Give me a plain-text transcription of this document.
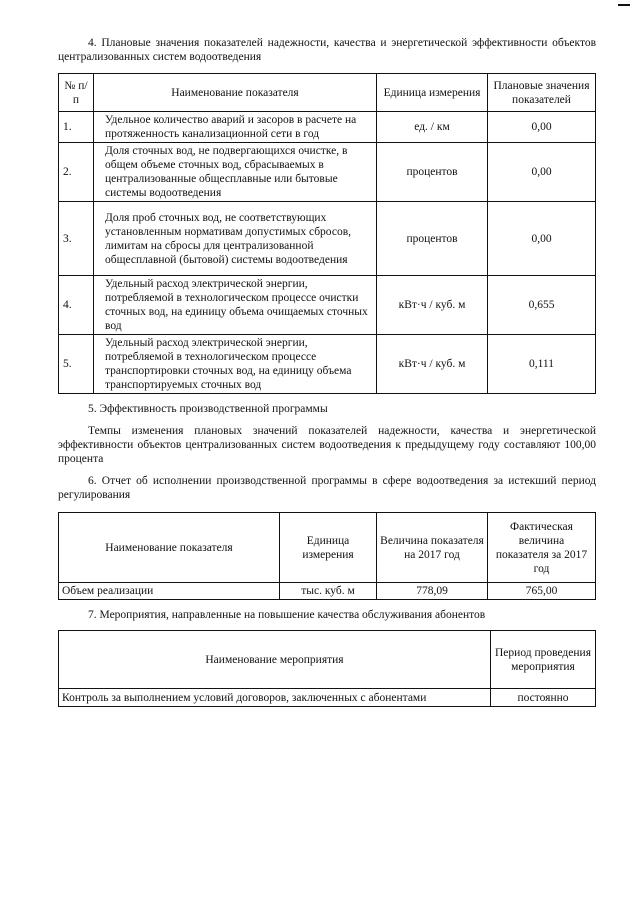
4. Плановые значения показателей надежности, качества и энергетической эффективности объектов централизованных систем водоотведения

№ п/п	Наименование показателя	Единица измерения	Плановые значения показателей
1.	Удельное количество аварий и засоров в расчете на протяженность канализационной сети в год	ед. / км	0,00
2.	Доля сточных вод, не подвергающихся очистке, в общем объеме сточных вод, сбрасываемых в централизованные общесплавные или бытовые системы водоотведения	процентов	0,00
3.	Доля проб сточных вод, не соответствующих установленным нормативам допустимых сбросов, лимитам на сбросы для централизованной общесплавной (бытовой) системы водоотведения	процентов	0,00
4.	Удельный расход электрической энергии, потребляемой в технологическом процессе очистки сточных вод, на единицу объема очищаемых сточных вод	кВт·ч / куб. м	0,655
5.	Удельный расход электрической энергии, потребляемой в технологическом процессе транспортировки сточных вод, на единицу объема транспортируемых сточных вод	кВт·ч / куб. м	0,111

5. Эффективность производственной программы

Темпы изменения плановых значений показателей надежности, качества и энергетической эффективности объектов централизованных систем водоотведения к предыдущему году составляют 100,00 процента

6. Отчет об исполнении производственной программы в сфере водоотведения за истекший период регулирования

Наименование показателя	Единица измерения	Величина показателя на 2017 год	Фактическая величина показателя за 2017 год
Объем реализации	тыс. куб. м	778,09	765,00

7. Мероприятия, направленные на повышение качества обслуживания абонентов

Наименование мероприятия	Период проведения мероприятия
Контроль за выполнением условий договоров, заключенных с абонентами	постоянно
